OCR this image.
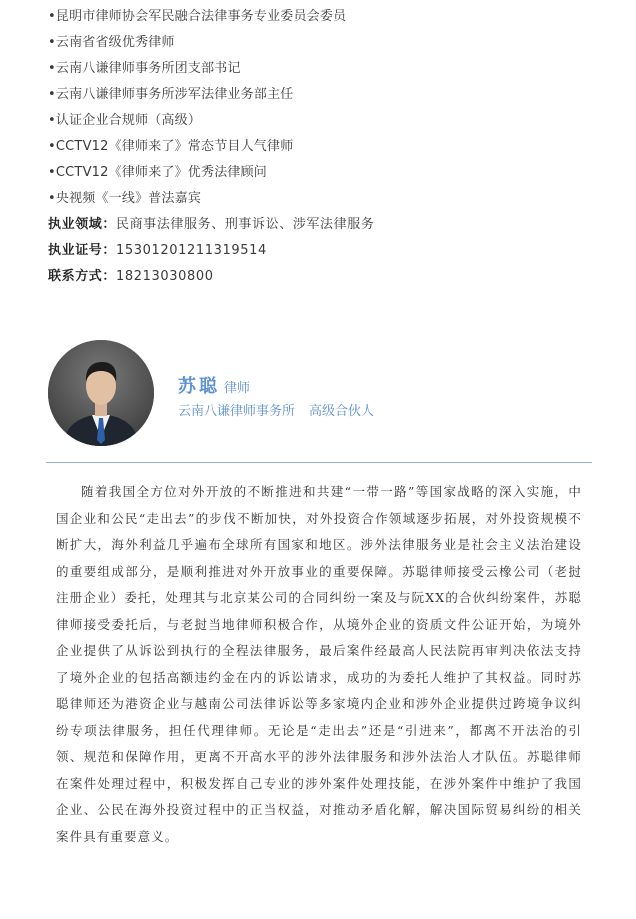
•昆明市律师协会军民融合法律事务专业委员会委员
•云南省省级优秀律师
•云南八谦律师事务所团支部书记
•云南八谦律师事务所涉军法律业务部主任
•认证企业合规师（高级）
•CCTV12《律师来了》常态节目人气律师
•CCTV12《律师来了》优秀法律顾问
•央视频《一线》普法嘉宾
执业领域：民商事法律服务、刑事诉讼、涉军法律服务
执业证号：15301201211319514
联系方式：18213030800
苏聪 律师
云南八谦律师事务所 高级合伙人

随着我国全方位对外开放的不断推进和共建“一带一路”等国家战略的深入实施，中国企业和公民“走出去”的步伐不断加快，对外投资合作领域逐步拓展，对外投资规模不断扩大，海外利益几乎遍布全球所有国家和地区。涉外法律服务业是社会主义法治建设的重要组成部分，是顺利推进对外开放事业的重要保障。苏聪律师接受云橡公司（老挝注册企业）委托，处理其与北京某公司的合同纠纷一案及与阮XX的合伙纠纷案件，苏聪律师接受委托后，与老挝当地律师积极合作，从境外企业的资质文件公证开始，为境外企业提供了从诉讼到执行的全程法律服务，最后案件经最高人民法院再审判决依法支持了境外企业的包括高额违约金在内的诉讼请求，成功的为委托人维护了其权益。同时苏聪律师还为港资企业与越南公司法律诉讼等多家境内企业和涉外企业提供过跨境争议纠纷专项法律服务，担任代理律师。无论是“走出去”还是“引进来”，都离不开法治的引领、规范和保障作用，更离不开高水平的涉外法律服务和涉外法治人才队伍。苏聪律师在案件处理过程中，积极发挥自己专业的涉外案件处理技能，在涉外案件中维护了我国企业、公民在海外投资过程中的正当权益，对推动矛盾化解，解决国际贸易纠纷的相关案件具有重要意义。
